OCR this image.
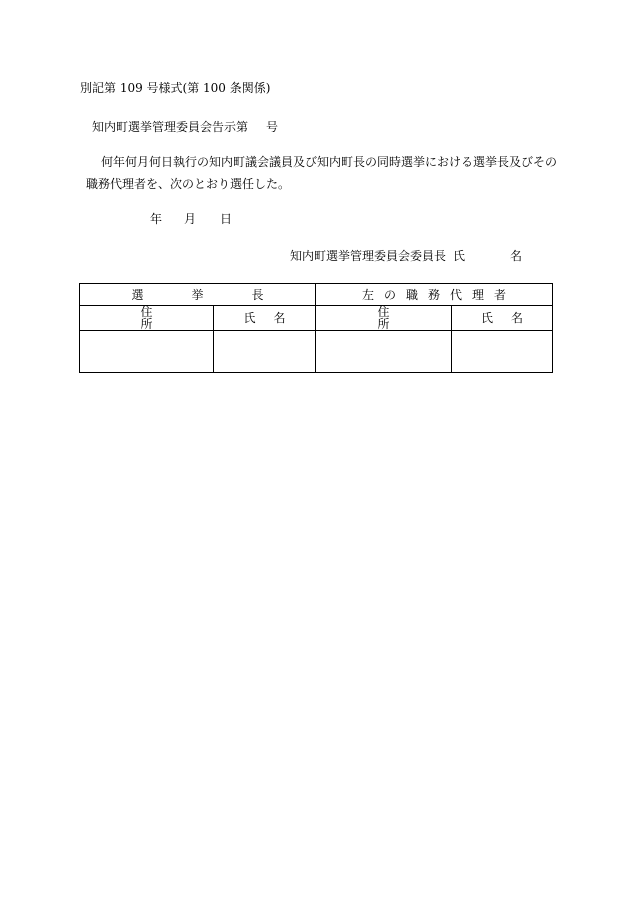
別記第 109 号様式(第 100 条関係)
知内町選挙管理委員会告示第 号
何年何月何日執行の知内町議会議員及び知内町長の同時選挙における選挙長及びその
職務代理者を、次のとおり選任した。
年 月 日
知内町選挙管理委員会委員長 氏	名
選挙長		左の職務代理者	
住所	氏名	住所	氏名
